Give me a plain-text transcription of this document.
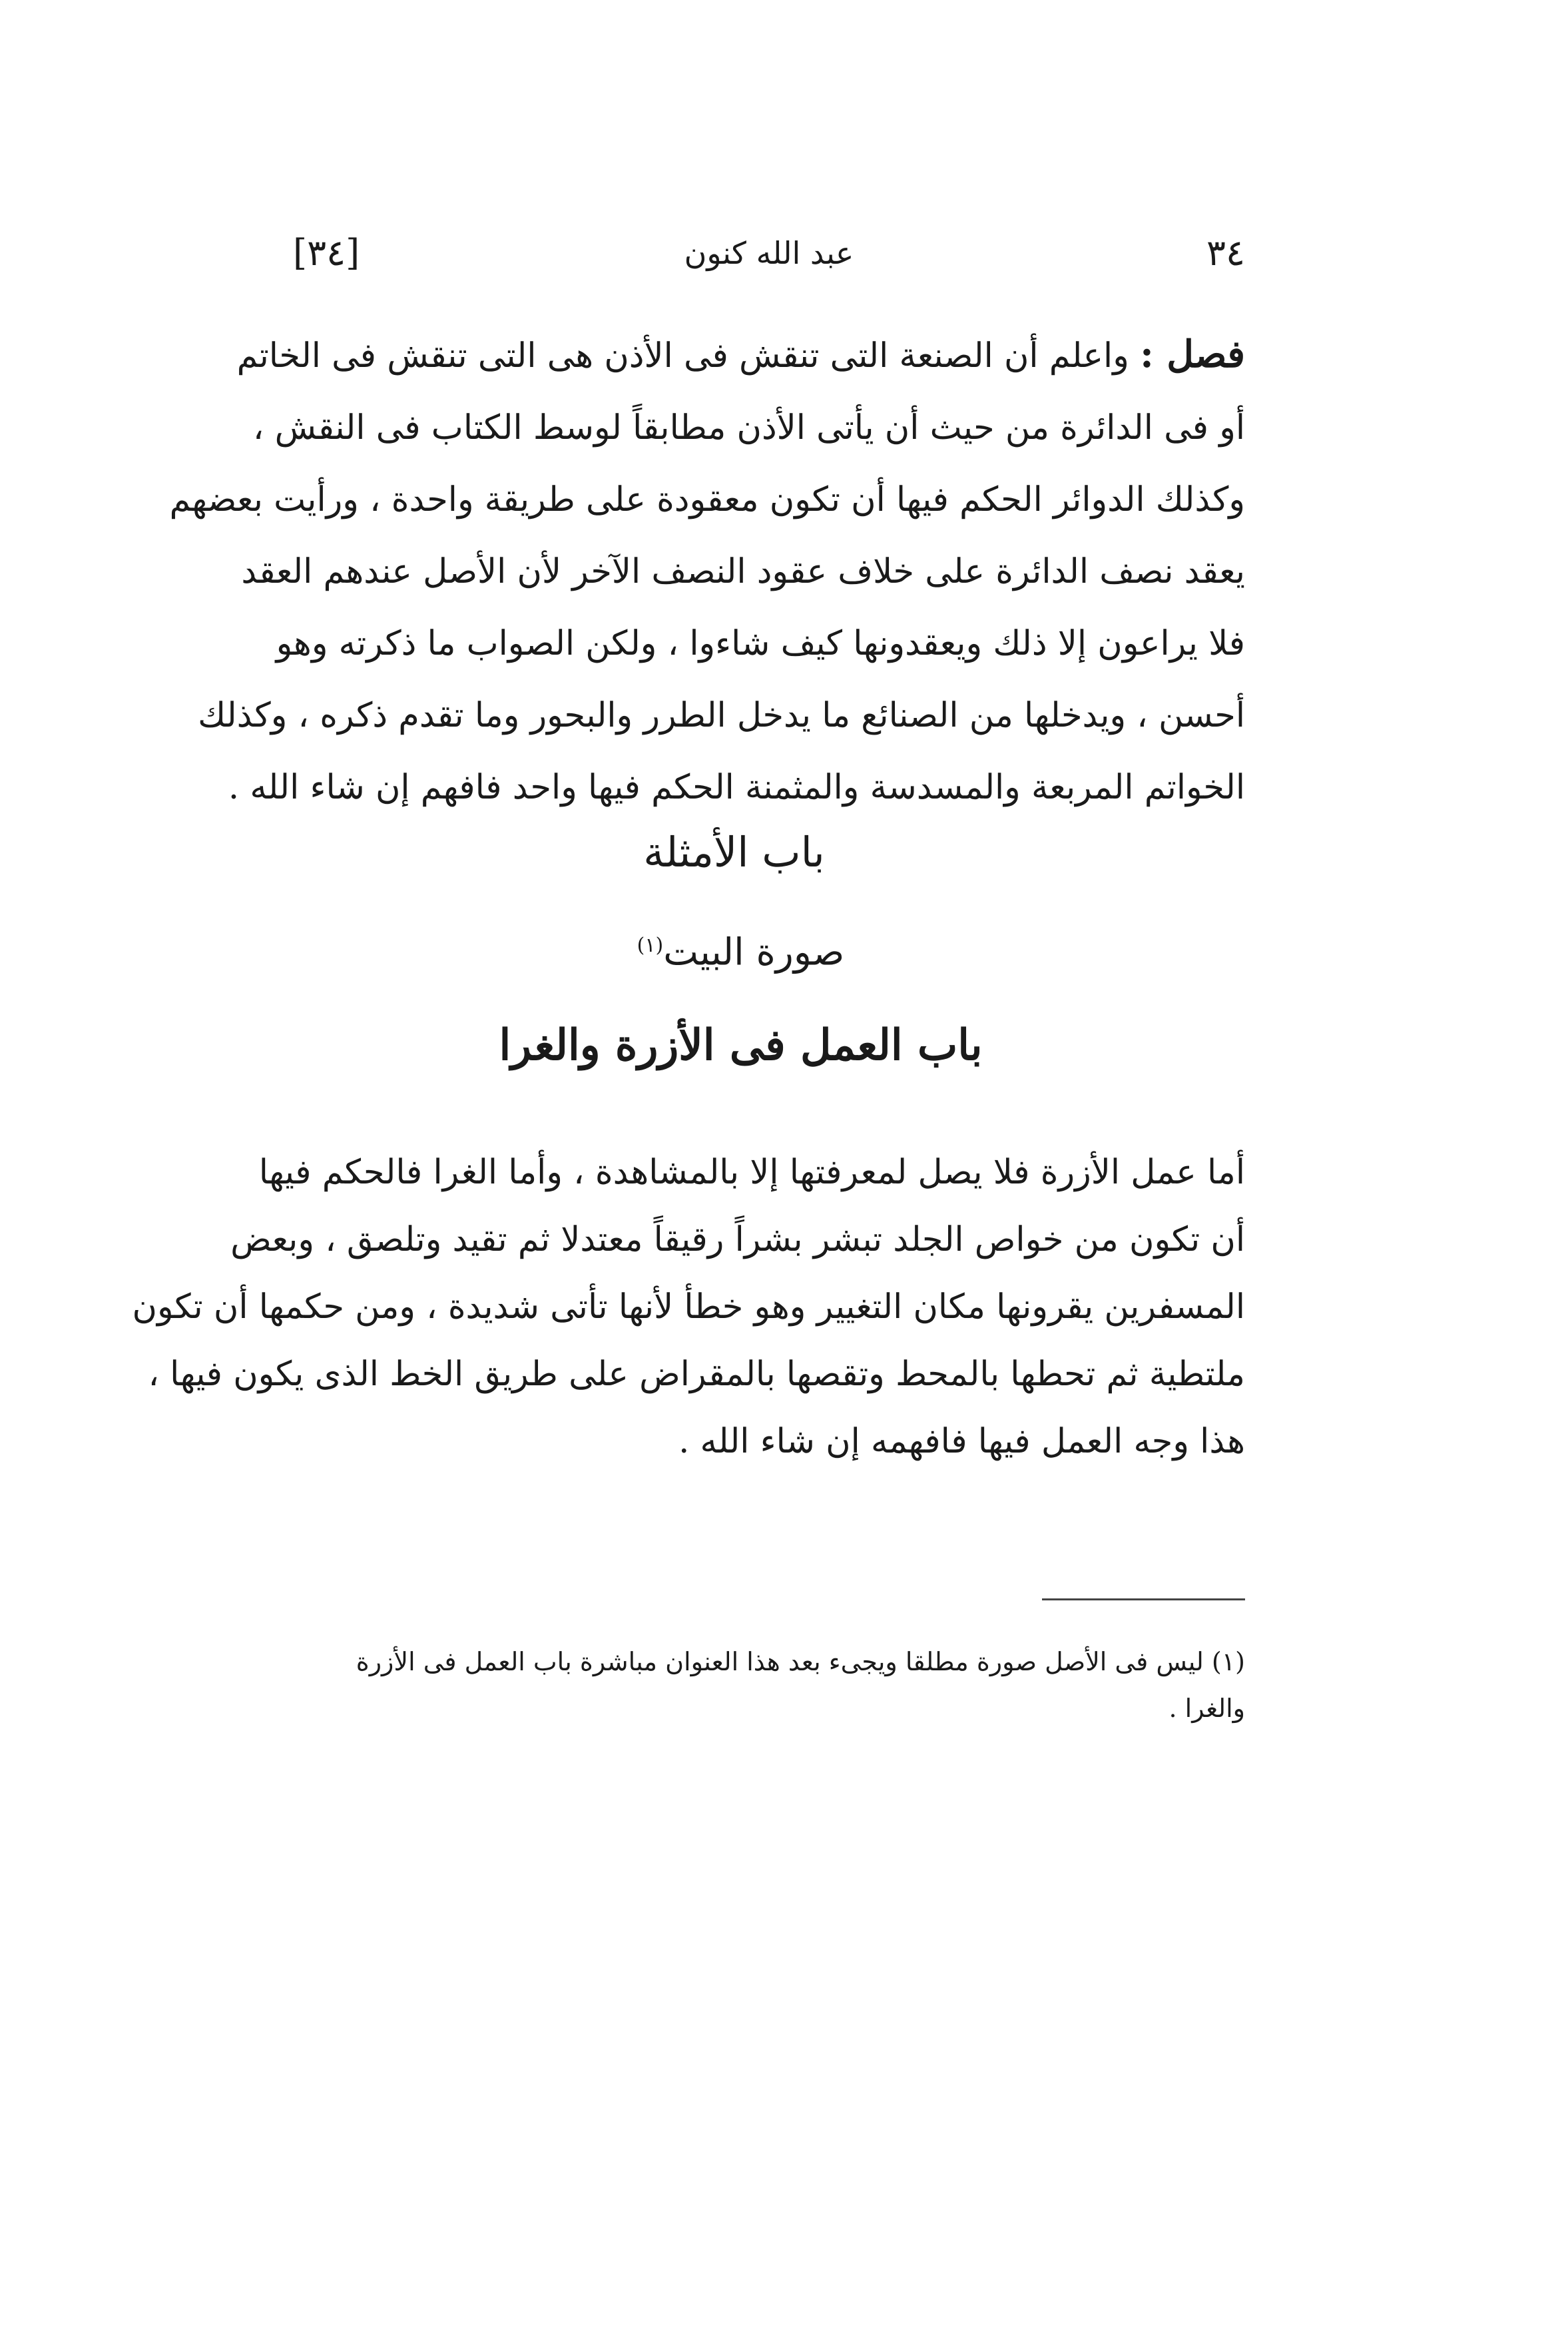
[٣٤]	عبد الله كنون	٣٤
فصل : واعلم أن الصنعة التى تنقش فى الأذن هى التى تنقش فى الخاتم
أو فى الدائرة من حيث أن يأتى الأذن مطابقاً لوسط الكتاب فى النقش ،
وكذلك الدوائر الحكم فيها أن تكون معقودة على طريقة واحدة ، ورأيت بعضهم
يعقد نصف الدائرة على خلاف عقود النصف الآخر لأن الأصل عندهم العقد
فلا يراعون إلا ذلك ويعقدونها كيف شاءوا ، ولكن الصواب ما ذكرته وهو
أحسن ، ويدخلها من الصنائع ما يدخل الطرر والبحور وما تقدم ذكره ، وكذلك
الخواتم المربعة والمسدسة والمثمنة الحكم فيها واحد فافهم إن شاء الله .
باب الأمثلة
صورة البيت$^{(١)}$
باب العمل فى الأزرة والغرا
أما عمل الأزرة فلا يصل لمعرفتها إلا بالمشاهدة ، وأما الغرا فالحكم فيها
أن تكون من خواص الجلد تبشر بشراً رقيقاً معتدلا ثم تقيد وتلصق ، وبعض
المسفرين يقرونها مكان التغيير وهو خطأ لأنها تأتى شديدة ، ومن حكمها أن تكون
ملتطية ثم تحطها بالمحط وتقصها بالمقراض على طريق الخط الذى يكون فيها ،
هذا وجه العمل فيها فافهمه إن شاء الله .
(١) ليس فى الأصل صورة مطلقا ويجىء بعد هذا العنوان مباشرة باب العمل فى الأزرة
والغرا .
